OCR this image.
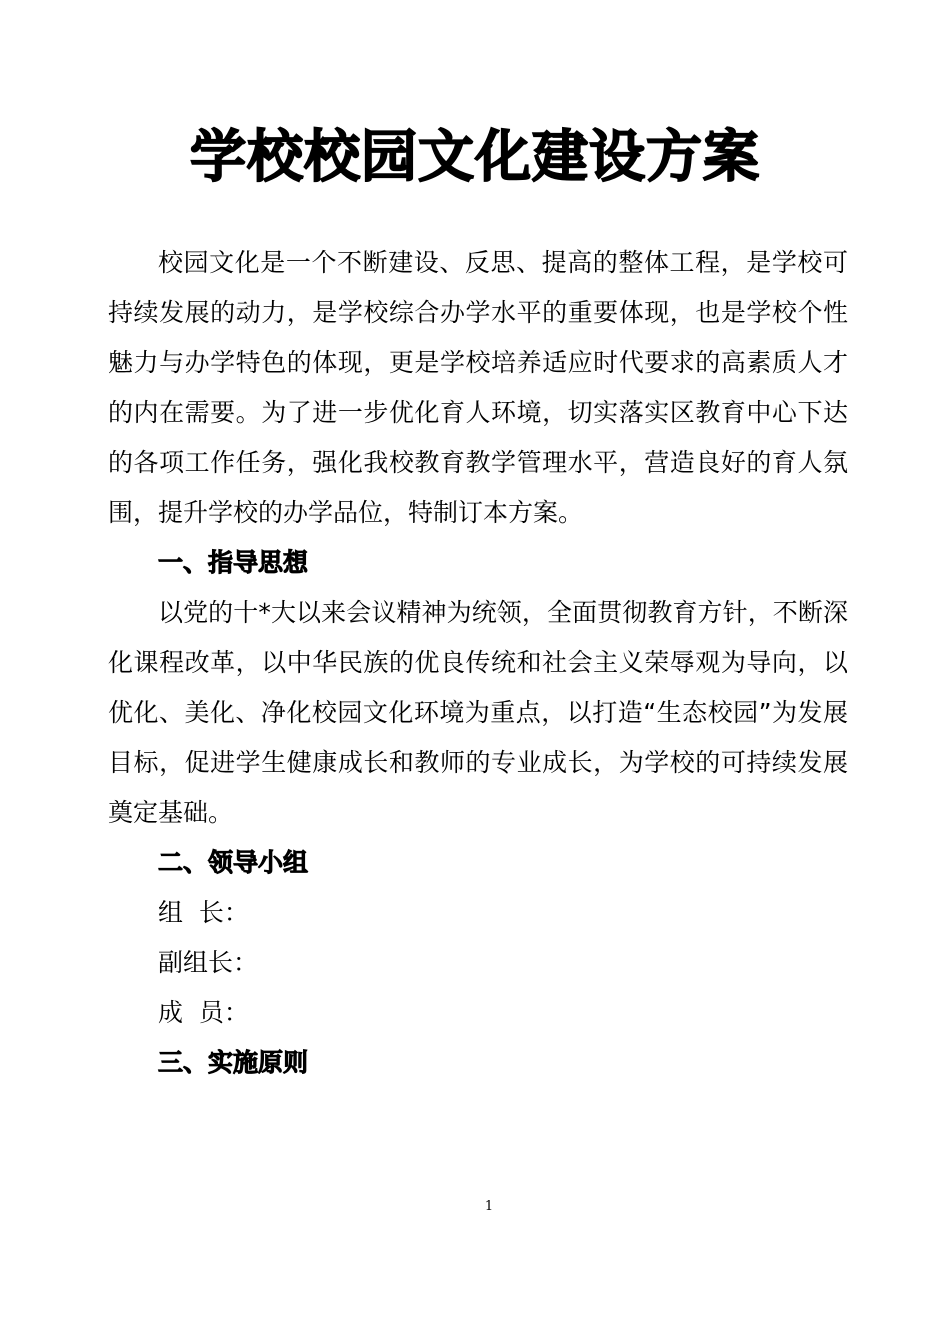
学校校园文化建设方案

校园文化是一个不断建设、反思、提高的整体工程，是学校可持续发展的动力，是学校综合办学水平的重要体现，也是学校个性魅力与办学特色的体现，更是学校培养适应时代要求的高素质人才的内在需要。为了进一步优化育人环境，切实落实区教育中心下达的各项工作任务，强化我校教育教学管理水平，营造良好的育人氛围，提升学校的办学品位，特制订本方案。

一、指导思想

以党的十*大以来会议精神为统领，全面贯彻教育方针，不断深化课程改革，以中华民族的优良传统和社会主义荣辱观为导向，以优化、美化、净化校园文化环境为重点，以打造“生态校园”为发展目标，促进学生健康成长和教师的专业成长，为学校的可持续发展奠定基础。

二、领导小组

组  长：

副组长：

成  员：

三、实施原则

1
